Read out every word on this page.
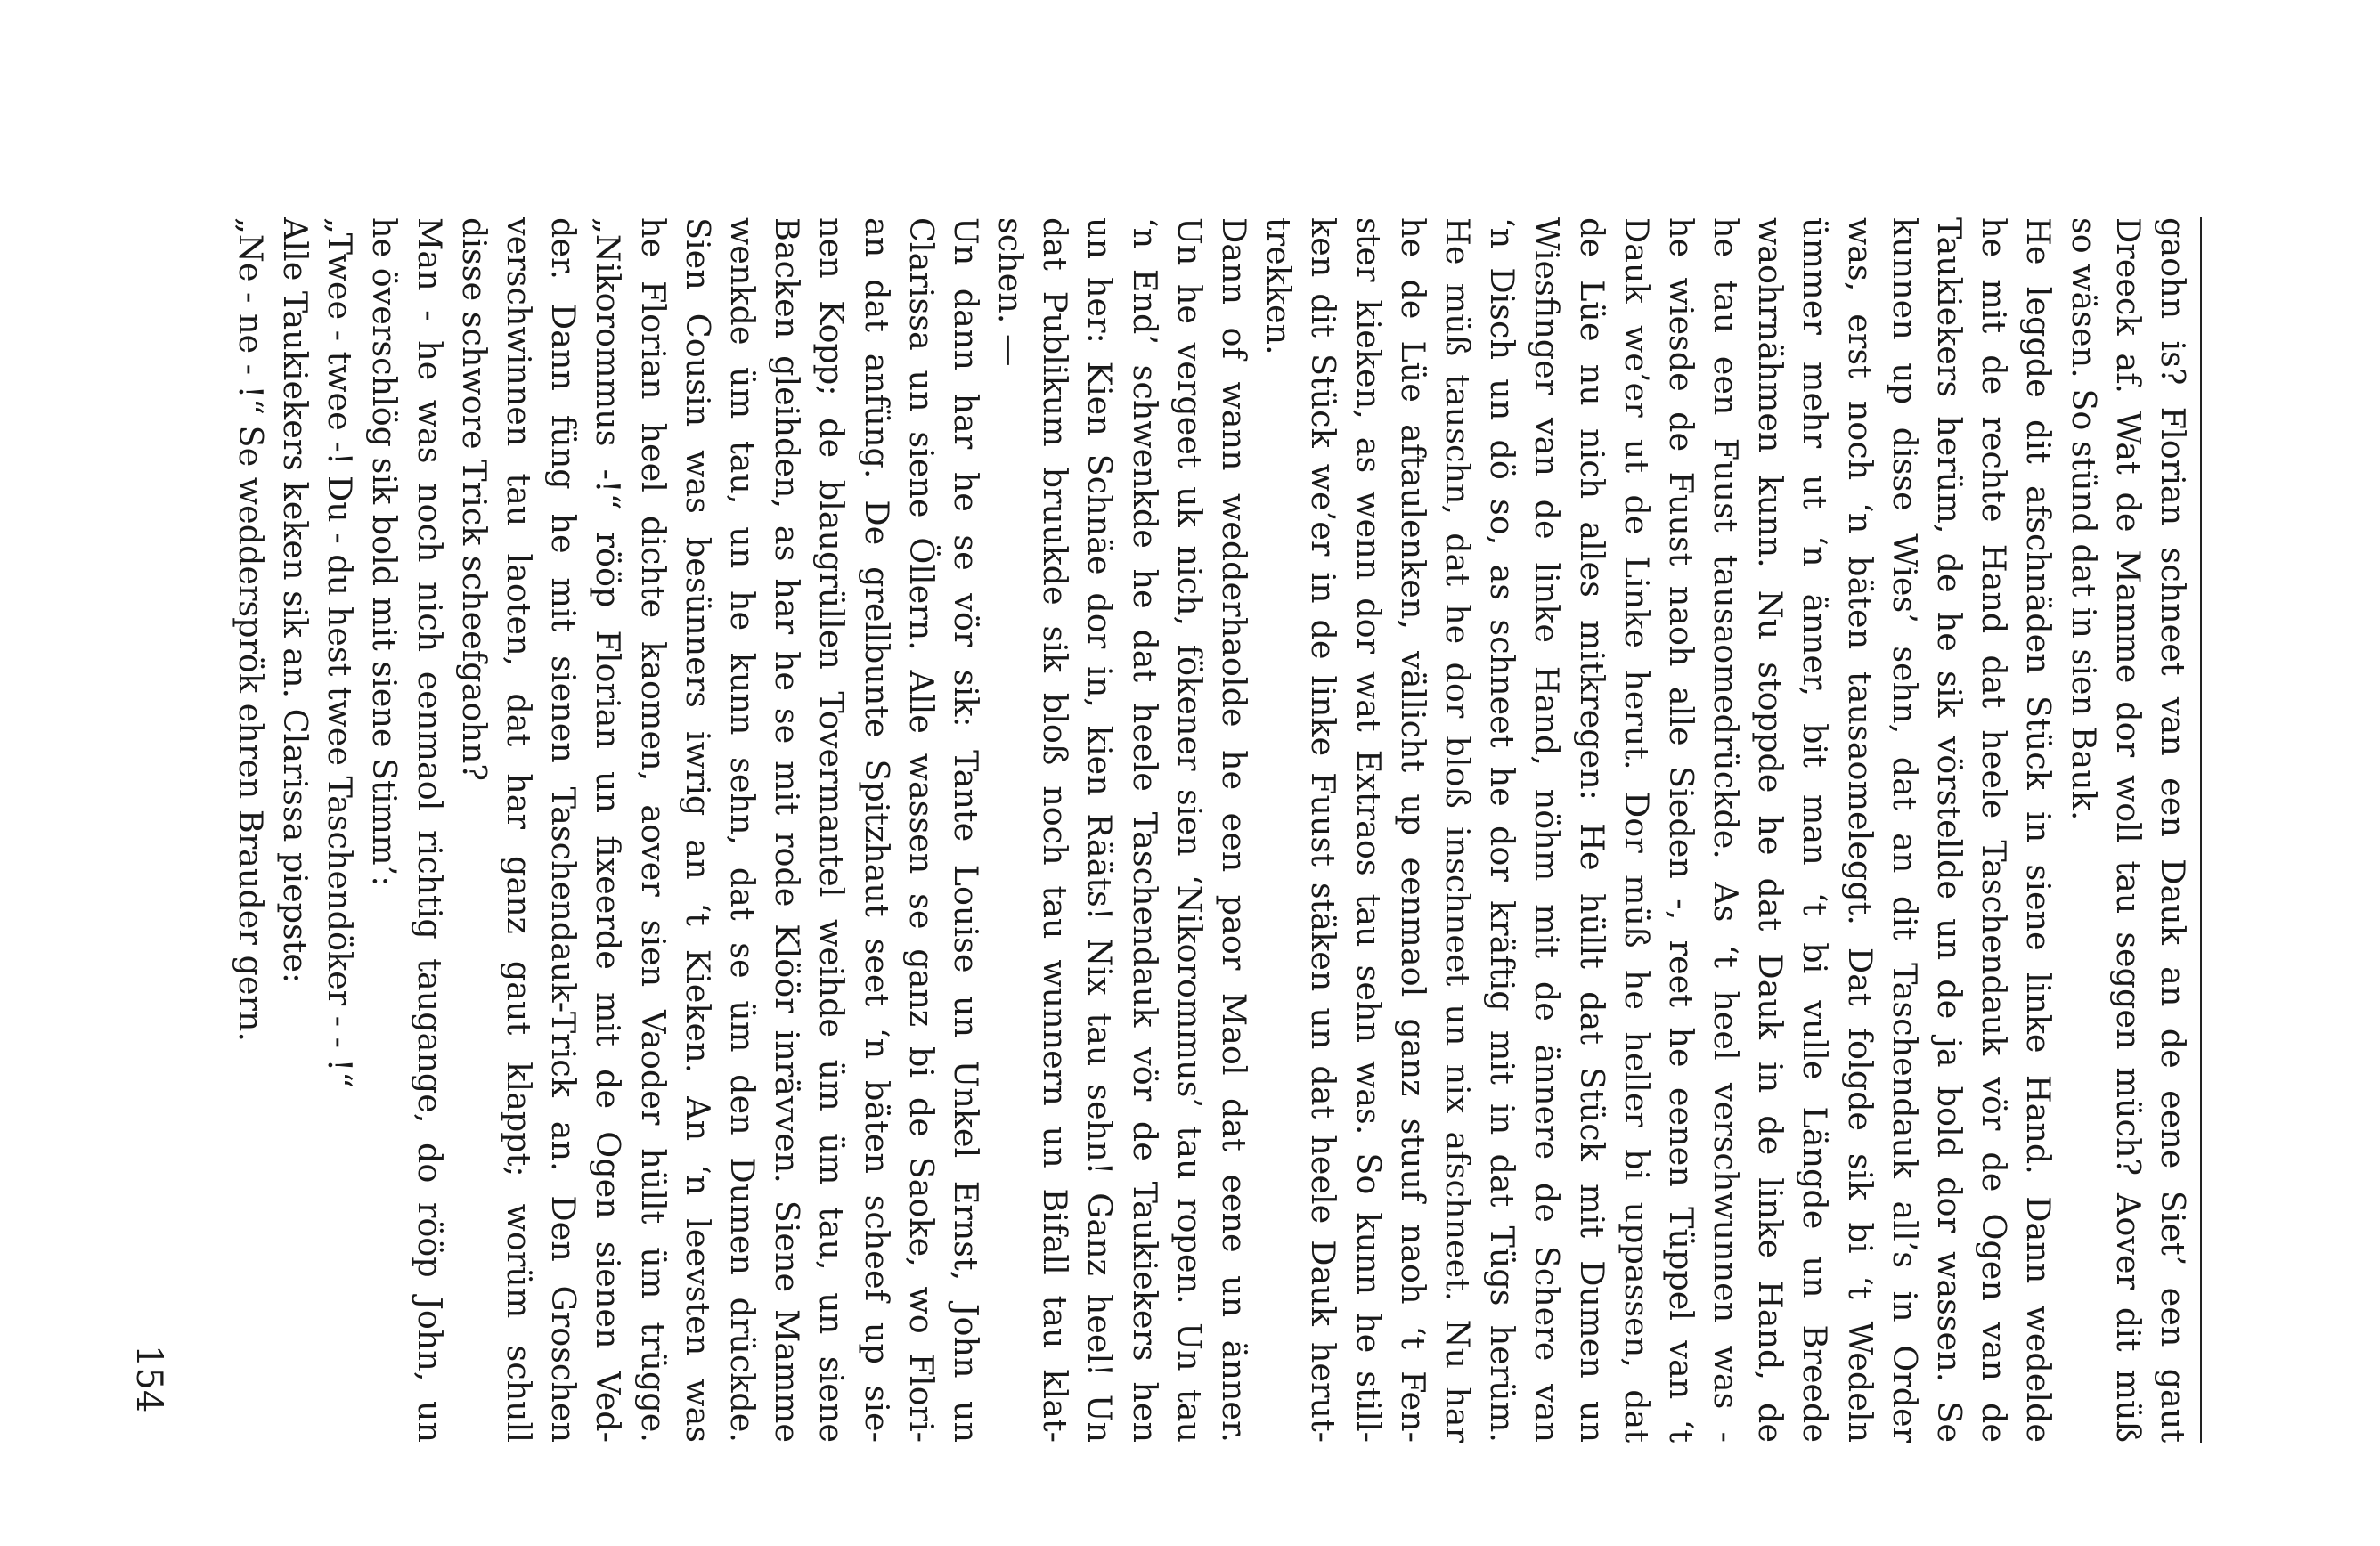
gaohn is? Florian schneet van een Dauk an de eene Siet’ een gaut
Dreeck af. Wat de Mamme dor woll tau seggen müch? Aover dit müß
so wäsen. So stünd dat in sien Bauk.
He leggde dit afschnäden Stück in siene linke Hand. Dann wedelde
he mit de rechte Hand dat heele Taschendauk vör de Ogen van de
Taukiekers herüm, de he sik vörstellde un de ja bold dor wassen. Se
kunnen up disse Wies’ sehn, dat an dit Taschendauk all’s in Order
was, erst noch ‘n bäten tausaomeleggt. Dat folgde sik bi ‘t Wedeln
ümmer mehr ut ‘n änner, bit man ‘t bi vulle Längde un Breede
waohrnähmen kunn. Nu stoppde he dat Dauk in de linke Hand, de
he tau een Fuust tausaomedrückde. As ‘t heel verschwunnen was -
he wiesde de Fuust naoh alle Sieden -, reet he eenen Tüppel van ‘t
Dauk we’er ut de Linke herut. Dor müß he heller bi uppassen, dat
de Lüe nu nich alles mitkregen: He hüllt dat Stück mit Dumen un
Wiesfinger van de linke Hand, nöhm mit de ännere de Schere van
‘n Disch un dö so, as schneet he dor kräftig mit in dat Tügs herüm.
He müß tauschn, dat he dor bloß inschneet un nix afschneet. Nu har
he de Lüe aftaulenken, vällicht up eenmaol ganz stuuf naoh ‘t Fen-
ster kieken, as wenn dor wat Extraos tau sehn was. So kunn he still-
ken dit Stück we’er in de linke Fuust stäken un dat heele Dauk herut-
trekken.
Dann of wann wedderhaolde he een paor Maol dat eene un änner.
Un he vergeet uk nich, fökener sien ‘Nikorommus’ tau ropen. Un tau
‘n End’ schwenkde he dat heele Taschendauk vör de Taukiekers hen
un her: Kien Schnäe dor in, kien Rääts! Nix tau sehn! Ganz heel! Un
dat Publikum bruukde sik bloß noch tau wunnern un Bifall tau klat-
schen. —
Un dann har he se vör sik: Tante Louise un Unkel Ernst, John un
Clarissa un siene Öllern. Alle wassen se ganz bi de Saoke, wo Flori-
an dat anfüng. De grellbunte Spitzhaut seet ‘n bäten scheef up sie-
nen Kopp; de blaugrüllen Tovermantel weihde üm üm tau, un siene
Backen gleihden, as har he se mit rode Klöör inrävven. Siene Mamme
wenkde üm tau, un he kunn sehn, dat se üm den Dumen drückde.
Sien Cousin was besünners iwrig an ‘t Kieken. An ‘n leevsten was
he Florian heel dichte kaomen, aover sien Vaoder hüllt üm trügge.
„Nikorommus -!“ rööp Florian un fixeerde mit de Ogen sienen Ved-
der. Dann füng he mit sienen Taschendauk-Trick an. Den Groschen
verschwinnen tau laoten, dat har ganz gaut klappt; worüm schull
disse schwore Trick scheefgaohn?
Man - he was noch nich eenmaol richtig taugange, do rööp John, un
he överschlög sik bold mit siene Stimm’:
„Twee - twee -! Du - du hest twee Taschendöker - - !“
Alle Taukiekers keken sik an. Clarissa piepste:
„Ne - ne - !“ Se weddersprök ehren Brauder gern.
154
